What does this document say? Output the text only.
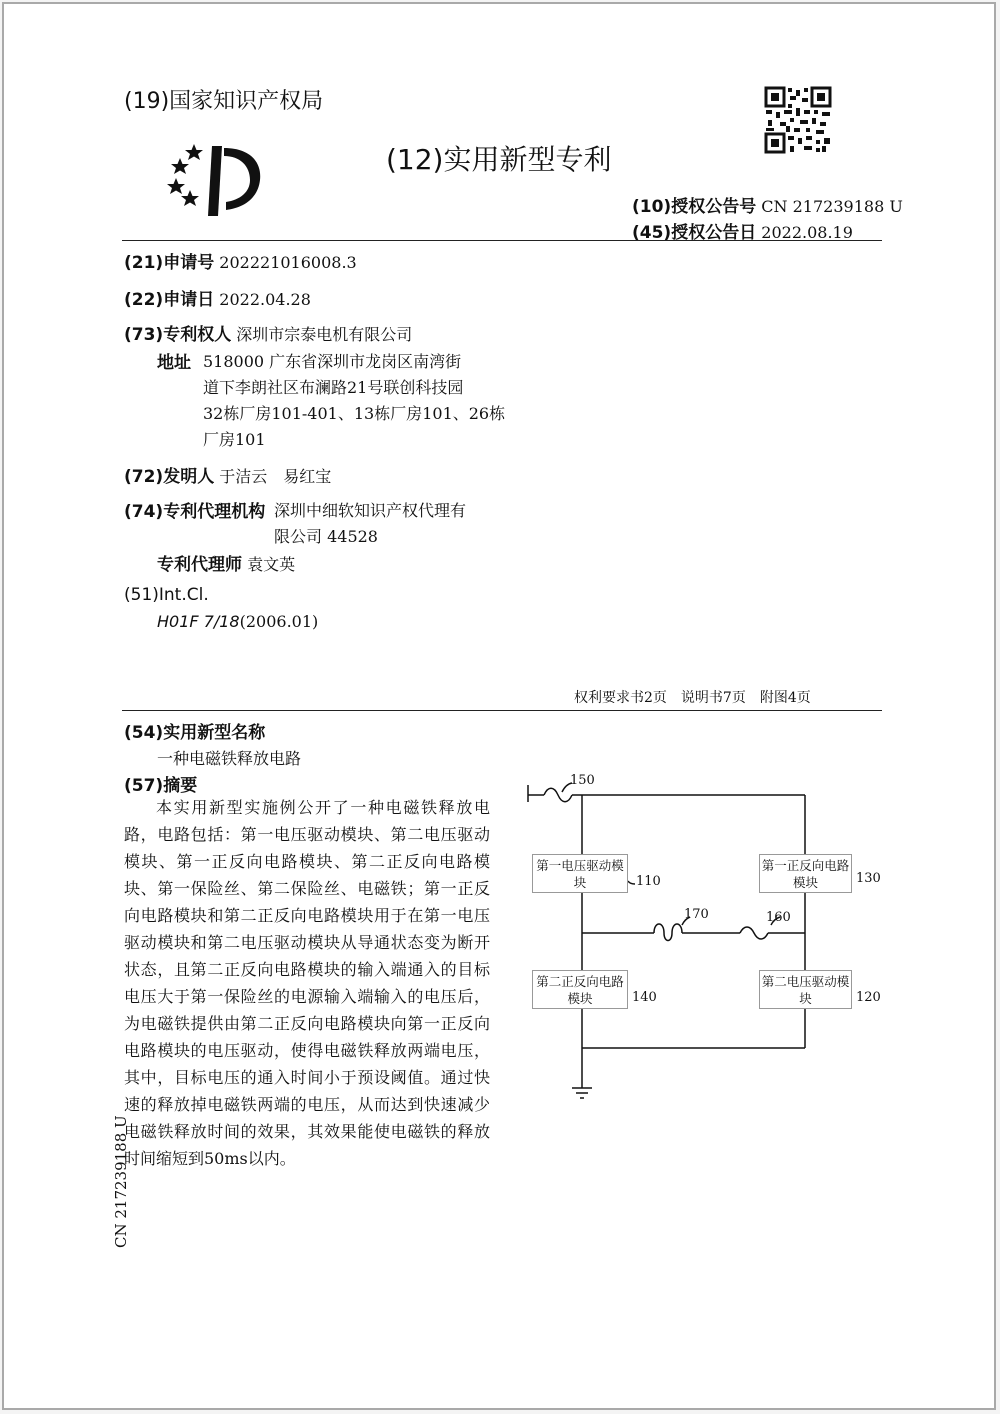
(19)国家知识产权局
(12)实用新型专利
(10)授权公告号 CN 217239188 U
(45)授权公告日 2022.08.19
(21)申请号 202221016008.3
(22)申请日 2022.04.28
(73)专利权人 深圳市宗泰电机有限公司
地址 518000 广东省深圳市龙岗区南湾街
道下李朗社区布澜路21号联创科技园
32栋厂房101-401、13栋厂房101、26栋
厂房101
(72)发明人 于洁云　易红宝
(74)专利代理机构 深圳中细软知识产权代理有
限公司 44528
专利代理师 袁文英
(51)Int.Cl.
H01F 7/18(2006.01)
权利要求书2页　说明书7页　附图4页
(54)实用新型名称
一种电磁铁释放电路
(57)摘要
本实用新型实施例公开了一种电磁铁释放电路，电路包括：第一电压驱动模块、第二电压驱动模块、第一正反向电路模块、第二正反向电路模块、第一保险丝、第二保险丝、电磁铁；第一正反向电路模块和第二正反向电路模块用于在第一电压驱动模块和第二电压驱动模块从导通状态变为断开状态，且第二正反向电路模块的输入端通入的目标电压大于第一保险丝的电源输入端输入的电压后，为电磁铁提供由第二正反向电路模块向第一正反向电路模块的电压驱动，使得电磁铁释放两端电压，其中，目标电压的通入时间小于预设阈值。通过快速的释放掉电磁铁两端的电压，从而达到快速减少电磁铁释放时间的效果，其效果能使电磁铁的释放时间缩短到50ms以内。
CN 217239188 U
第一电压驱动模块
第一正反向电路模块
第二正反向电路模块
第二电压驱动模块
150
110	130
170	160
140	120
